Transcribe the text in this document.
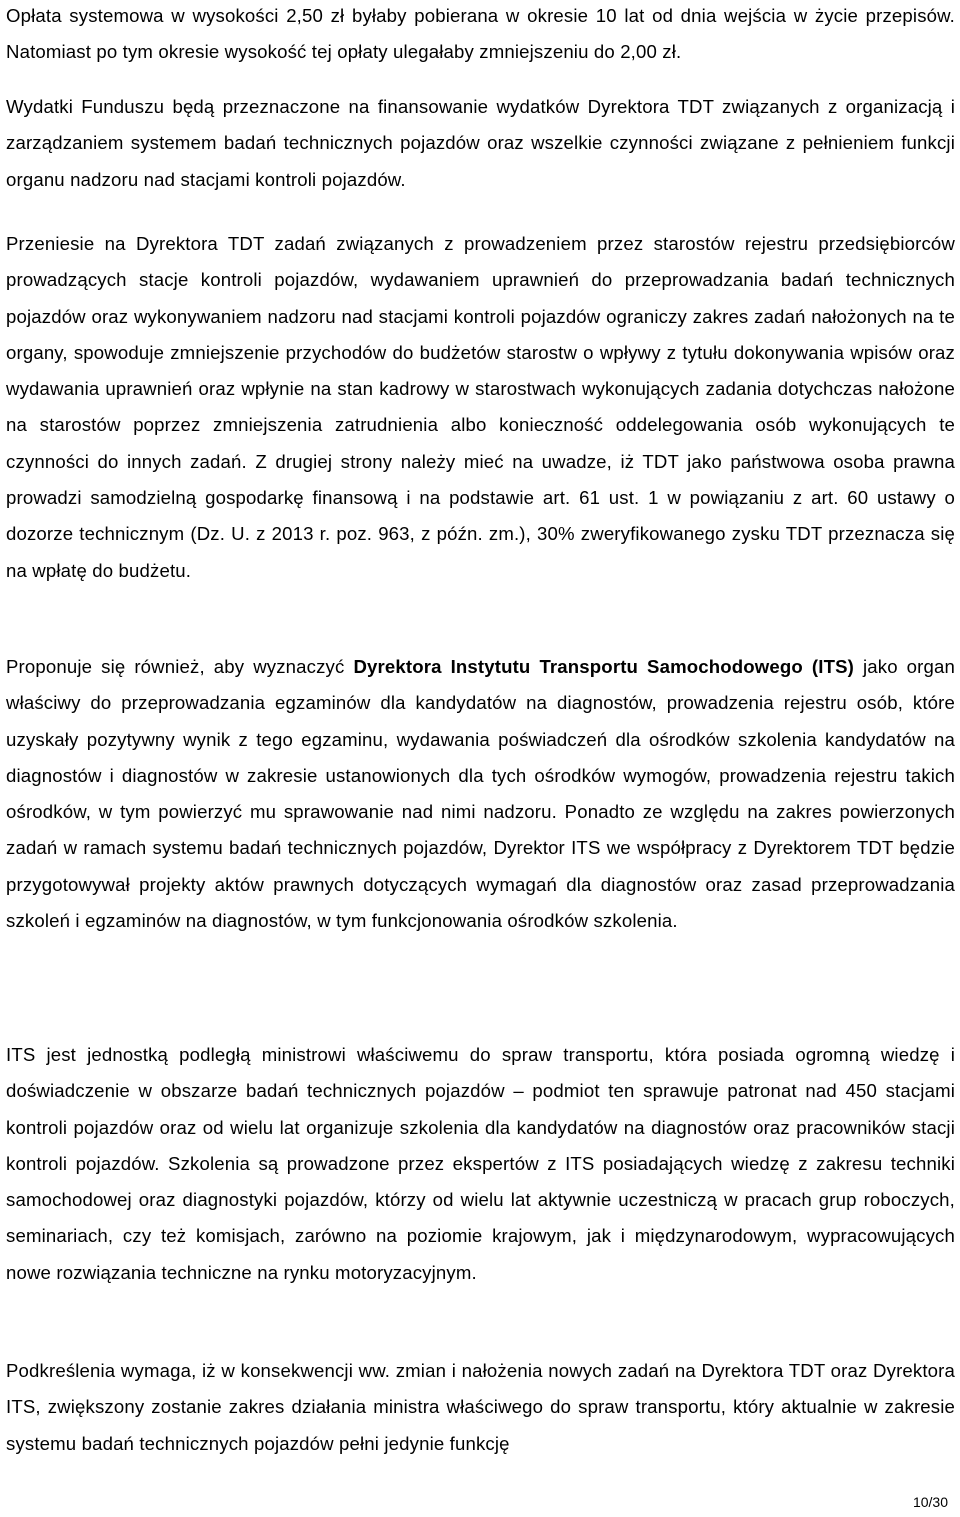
Opłata systemowa w wysokości 2,50 zł byłaby pobierana w okresie 10 lat od dnia wejścia w życie przepisów. Natomiast po tym okresie wysokość tej opłaty ulegałaby zmniejszeniu do 2,00 zł.

Wydatki Funduszu będą przeznaczone na finansowanie wydatków Dyrektora TDT związanych z organizacją i zarządzaniem systemem badań technicznych pojazdów oraz wszelkie czynności związane z pełnieniem funkcji organu nadzoru nad stacjami kontroli pojazdów.

Przeniesie na Dyrektora TDT zadań związanych z prowadzeniem przez starostów rejestru przedsiębiorców prowadzących stacje kontroli pojazdów, wydawaniem uprawnień do przeprowadzania badań technicznych pojazdów oraz wykonywaniem nadzoru nad stacjami kontroli pojazdów ograniczy zakres zadań nałożonych na te organy, spowoduje zmniejszenie przychodów do budżetów starostw o wpływy z tytułu dokonywania wpisów oraz wydawania uprawnień oraz wpłynie na stan kadrowy w starostwach wykonujących zadania dotychczas nałożone na starostów poprzez zmniejszenia zatrudnienia albo konieczność oddelegowania osób wykonujących te czynności do innych zadań. Z drugiej strony należy mieć na uwadze, iż TDT jako państwowa osoba prawna prowadzi samodzielną gospodarkę finansową i na podstawie art. 61 ust. 1 w powiązaniu z art. 60 ustawy o dozorze technicznym (Dz. U. z 2013 r. poz. 963, z późn. zm.), 30% zweryfikowanego zysku TDT przeznacza się na wpłatę do budżetu.

Proponuje się również, aby wyznaczyć Dyrektora Instytutu Transportu Samochodowego (ITS) jako organ właściwy do przeprowadzania egzaminów dla kandydatów na diagnostów, prowadzenia rejestru osób, które uzyskały pozytywny wynik z tego egzaminu, wydawania poświadczeń dla ośrodków szkolenia kandydatów na diagnostów i diagnostów w zakresie ustanowionych dla tych ośrodków wymogów, prowadzenia rejestru takich ośrodków, w tym powierzyć mu sprawowanie nad nimi nadzoru. Ponadto ze względu na zakres powierzonych zadań w ramach systemu badań technicznych pojazdów, Dyrektor ITS we współpracy z Dyrektorem TDT będzie przygotowywał projekty aktów prawnych dotyczących wymagań dla diagnostów oraz zasad przeprowadzania szkoleń i egzaminów na diagnostów, w tym funkcjonowania ośrodków szkolenia.

ITS jest jednostką podległą ministrowi właściwemu do spraw transportu, która posiada ogromną wiedzę i doświadczenie w obszarze badań technicznych pojazdów – podmiot ten sprawuje patronat nad 450 stacjami kontroli pojazdów oraz od wielu lat organizuje szkolenia dla kandydatów na diagnostów oraz pracowników stacji kontroli pojazdów. Szkolenia są prowadzone przez ekspertów z ITS posiadających wiedzę z zakresu techniki samochodowej oraz diagnostyki pojazdów, którzy od wielu lat aktywnie uczestniczą w pracach grup roboczych, seminariach, czy też komisjach, zarówno na poziomie krajowym, jak i międzynarodowym, wypracowujących nowe rozwiązania techniczne na rynku motoryzacyjnym.

Podkreślenia wymaga, iż w konsekwencji ww. zmian i nałożenia nowych zadań na Dyrektora TDT oraz Dyrektora ITS, zwiększony zostanie zakres działania ministra właściwego do spraw transportu, który aktualnie w zakresie systemu badań technicznych pojazdów pełni jedynie funkcję

10/30
